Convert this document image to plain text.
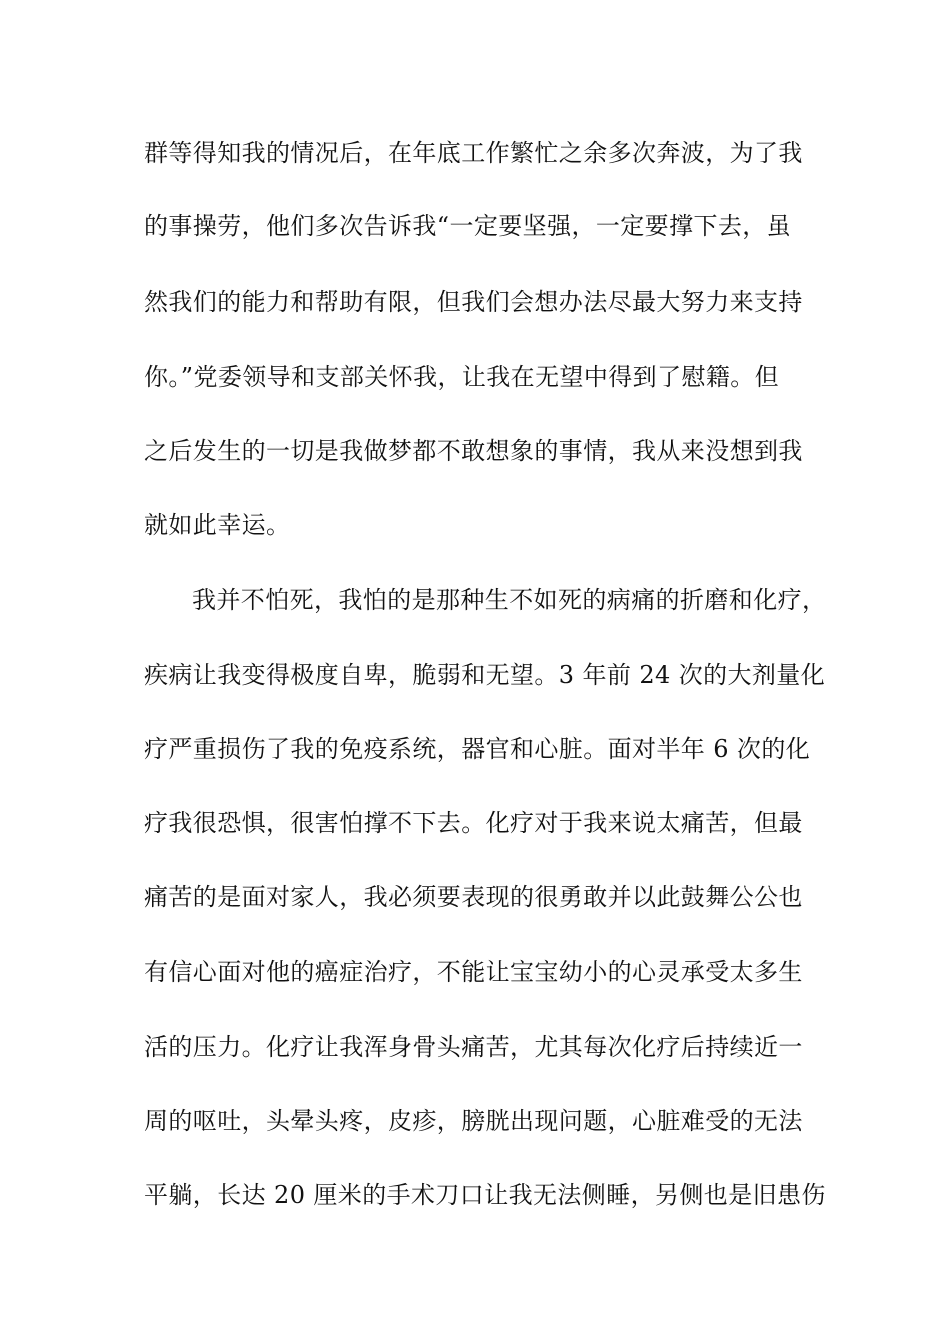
群等得知我的情况后，在年底工作繁忙之余多次奔波，为了我
的事操劳，他们多次告诉我“一定要坚强，一定要撑下去，虽
然我们的能力和帮助有限，但我们会想办法尽最大努力来支持
你。”党委领导和支部关怀我，让我在无望中得到了慰籍。但
之后发生的一切是我做梦都不敢想象的事情，我从来没想到我
就如此幸运。
我并不怕死，我怕的是那种生不如死的病痛的折磨和化疗，
疾病让我变得极度自卑，脆弱和无望。3 年前 24 次的大剂量化
疗严重损伤了我的免疫系统，器官和心脏。面对半年 6 次的化
疗我很恐惧，很害怕撑不下去。化疗对于我来说太痛苦，但最
痛苦的是面对家人，我必须要表现的很勇敢并以此鼓舞公公也
有信心面对他的癌症治疗，不能让宝宝幼小的心灵承受太多生
活的压力。化疗让我浑身骨头痛苦，尤其每次化疗后持续近一
周的呕吐，头晕头疼，皮疹，膀胱出现问题，心脏难受的无法
平躺，长达 20 厘米的手术刀口让我无法侧睡，另侧也是旧患伤
